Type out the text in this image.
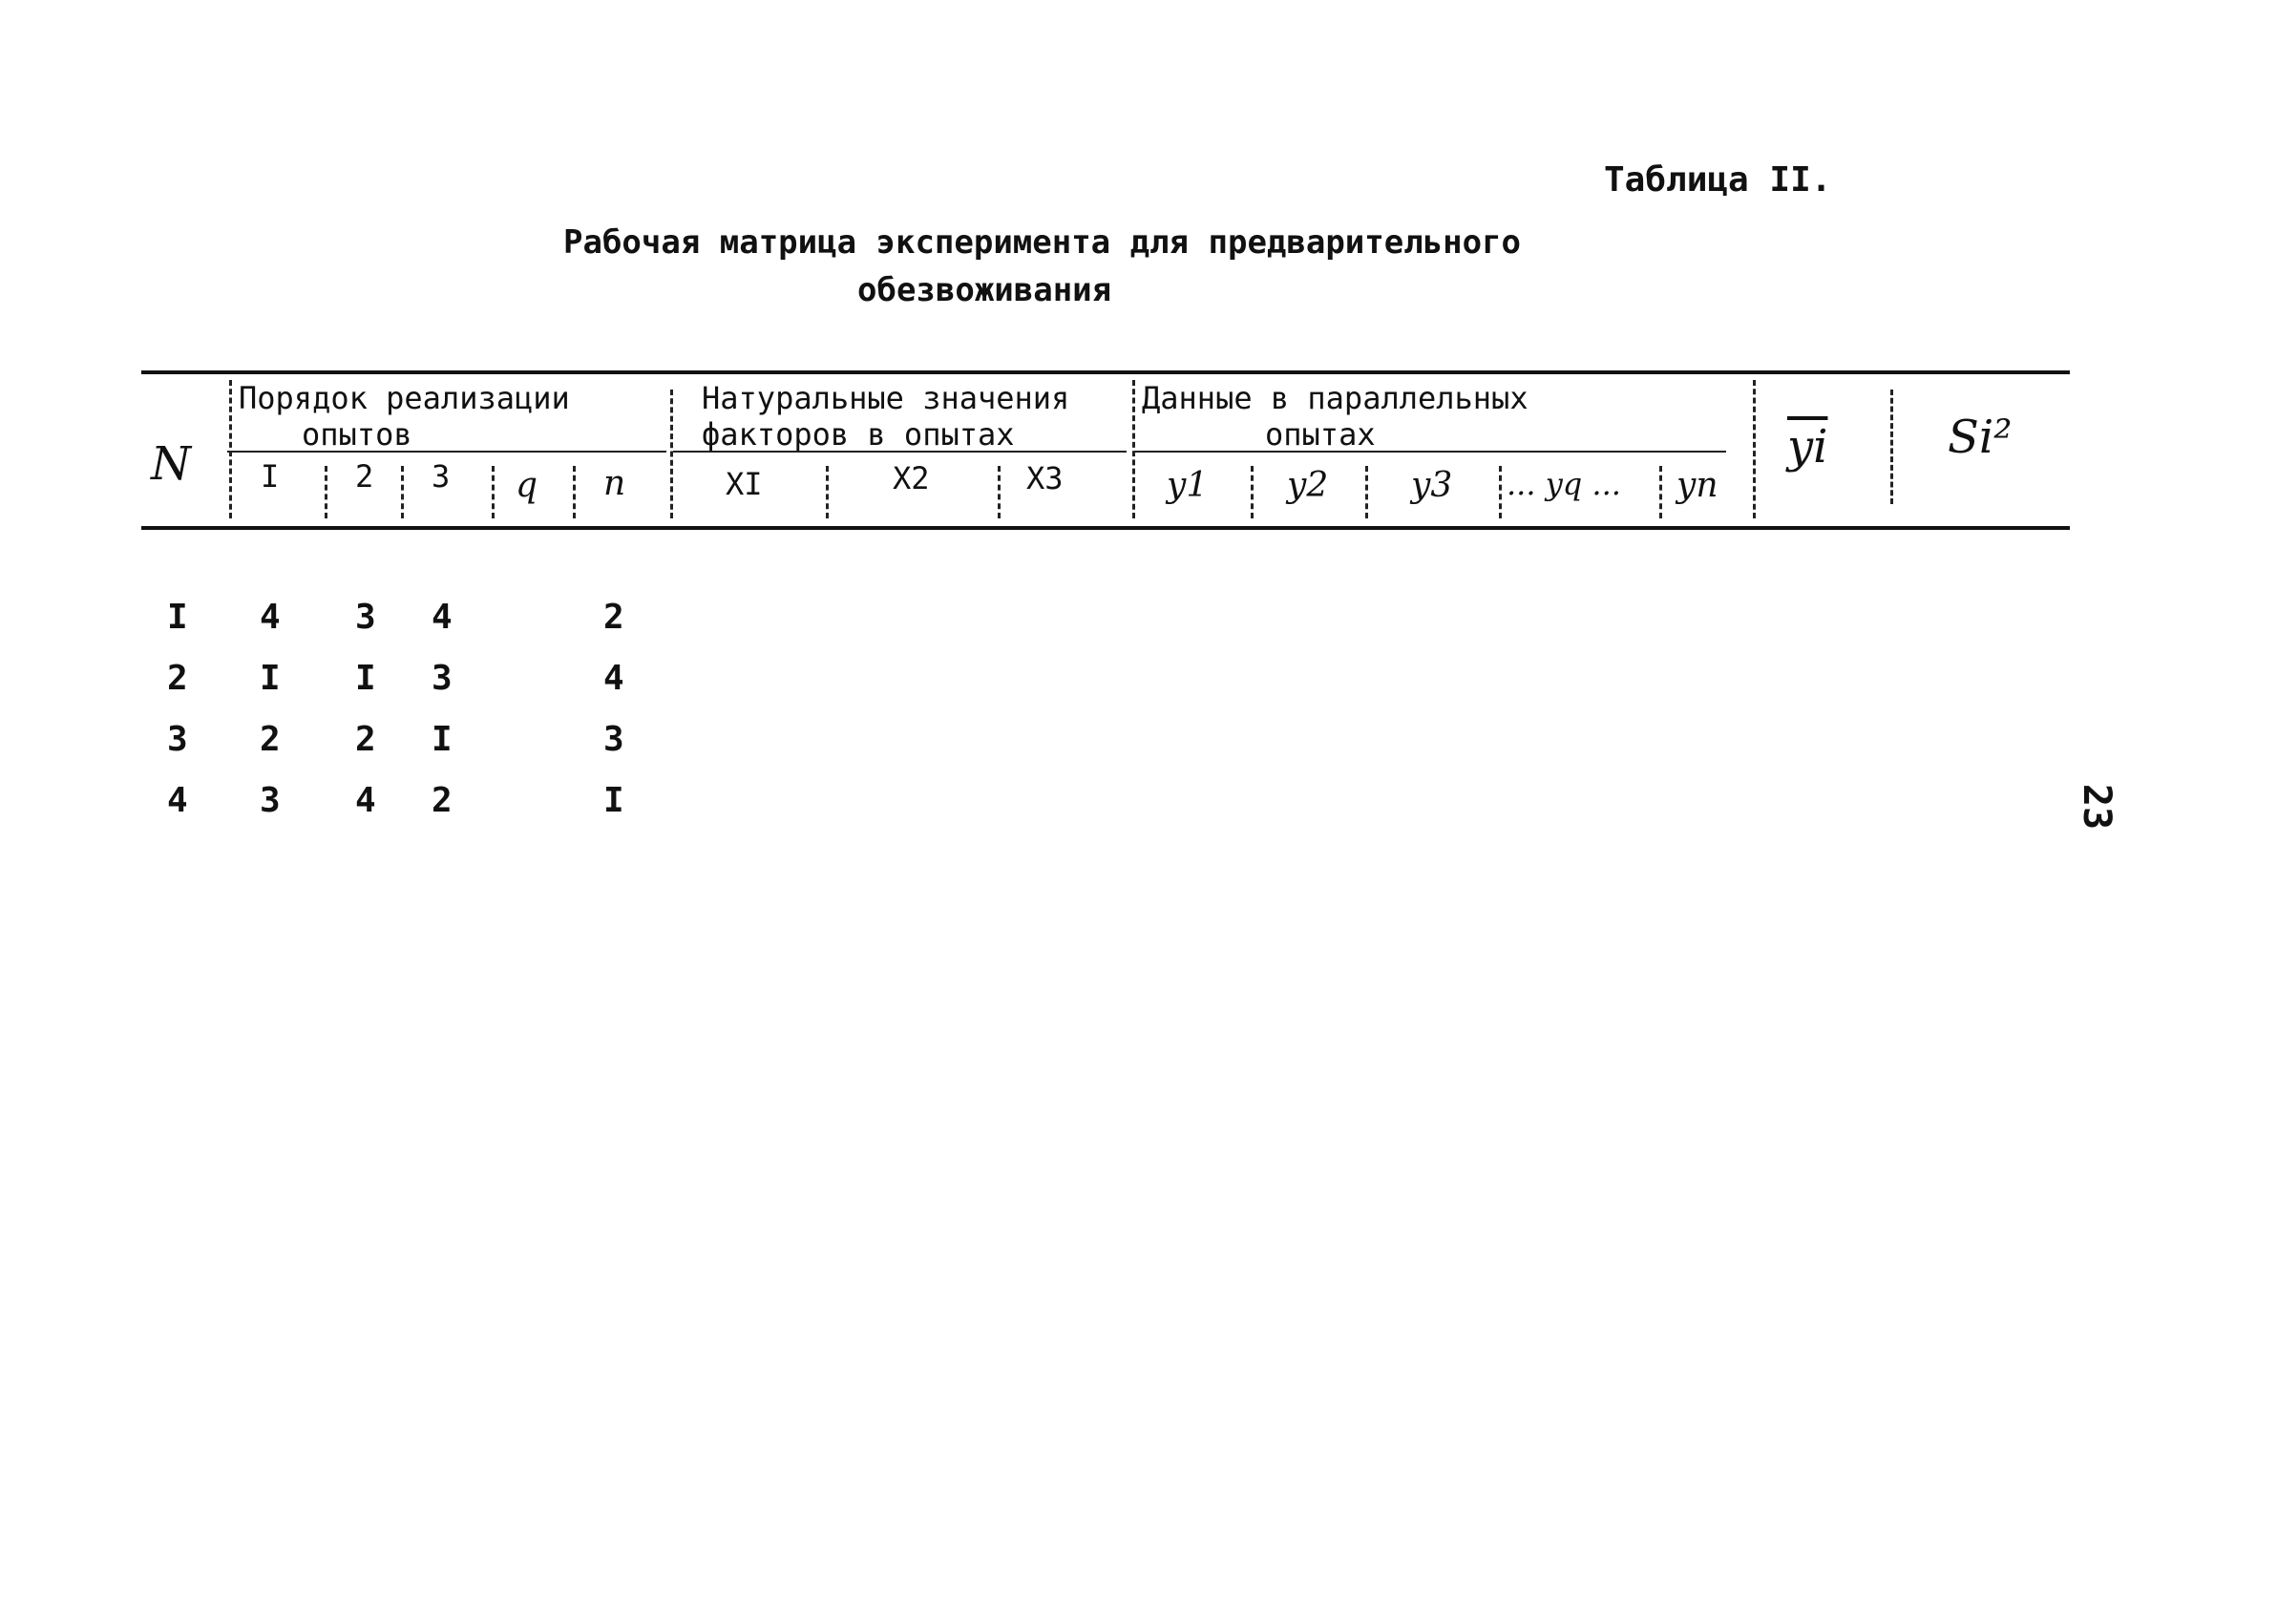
Таблица II.
Рабочая матрица эксперимента для предварительного
обезвоживания
N
Порядок реализации
опытов
I 2 3 q n
Натуральные значения
факторов в опытах
XI	X2	X3
Данные в параллельных
опытах
y1 y2 y3 ... yq ... yn
$\overline{yi}$	Si²
I 4 3 4	2
2 I I 3	4
3 2 2 I	3
4 3 4 2	I	23
